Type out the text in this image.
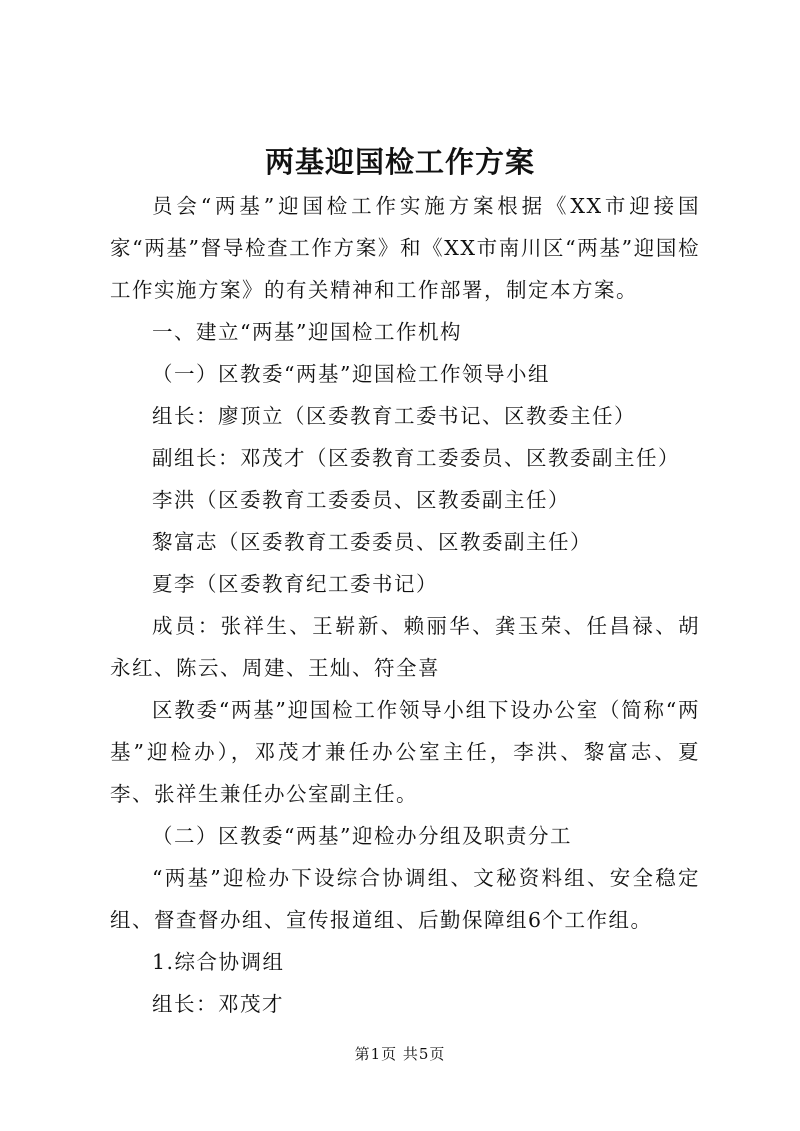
两基迎国检工作方案

员会“两基”迎国检工作实施方案根据《XX市迎接国家“两基”督导检查工作方案》和《XX市南川区“两基”迎国检工作实施方案》的有关精神和工作部署，制定本方案。

一、建立“两基”迎国检工作机构

（一）区教委“两基”迎国检工作领导小组

组长：廖顶立（区委教育工委书记、区教委主任）

副组长：邓茂才（区委教育工委委员、区教委副主任）

李洪（区委教育工委委员、区教委副主任）

黎富志（区委教育工委委员、区教委副主任）

夏李（区委教育纪工委书记）

成员：张祥生、王崭新、赖丽华、龚玉荣、任昌禄、胡永红、陈云、周建、王灿、符全喜

区教委“两基”迎国检工作领导小组下设办公室（简称“两基”迎检办），邓茂才兼任办公室主任，李洪、黎富志、夏李、张祥生兼任办公室副主任。

（二）区教委“两基”迎检办分组及职责分工

“两基”迎检办下设综合协调组、文秘资料组、安全稳定组、督查督办组、宣传报道组、后勤保障组6个工作组。

1.综合协调组

组长：邓茂才

第1页 共5页
